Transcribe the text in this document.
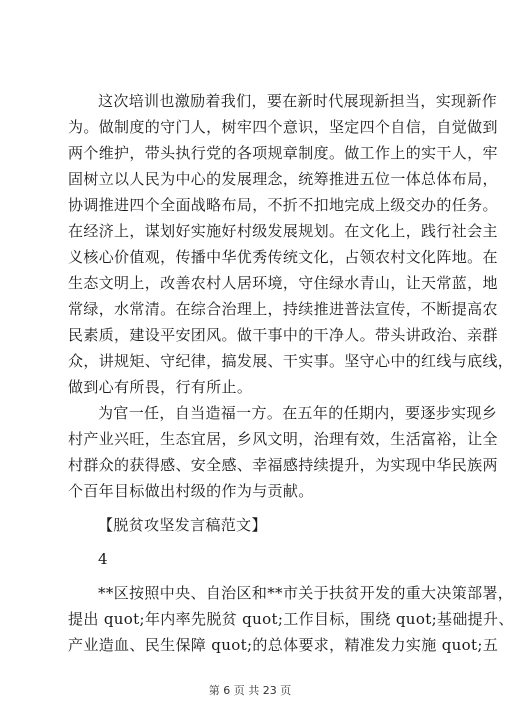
这次培训也激励着我们，要在新时代展现新担当，实现新作
为。做制度的守门人，树牢四个意识，坚定四个自信，自觉做到
两个维护，带头执行党的各项规章制度。做工作上的实干人，牢
固树立以人民为中心的发展理念，统筹推进五位一体总体布局，
协调推进四个全面战略布局，不折不扣地完成上级交办的任务。
在经济上，谋划好实施好村级发展规划。在文化上，践行社会主
义核心价值观，传播中华优秀传统文化，占领农村文化阵地。在
生态文明上，改善农村人居环境，守住绿水青山，让天常蓝，地
常绿，水常清。在综合治理上，持续推进普法宣传，不断提高农
民素质，建设平安团风。做干事中的干净人。带头讲政治、亲群
众，讲规矩、守纪律，搞发展、干实事。坚守心中的红线与底线，
做到心有所畏，行有所止。
为官一任，自当造福一方。在五年的任期内，要逐步实现乡
村产业兴旺，生态宜居，乡风文明，治理有效，生活富裕，让全
村群众的获得感、安全感、幸福感持续提升，为实现中华民族两
个百年目标做出村级的作为与贡献。
【脱贫攻坚发言稿范文】
4
**区按照中央、自治区和**市关于扶贫开发的重大决策部署，
提出 quot;年内率先脱贫 quot;工作目标，围绕 quot;基础提升、
产业造血、民生保障 quot;的总体要求，精准发力实施 quot;五
第 6 页 共 23 页
